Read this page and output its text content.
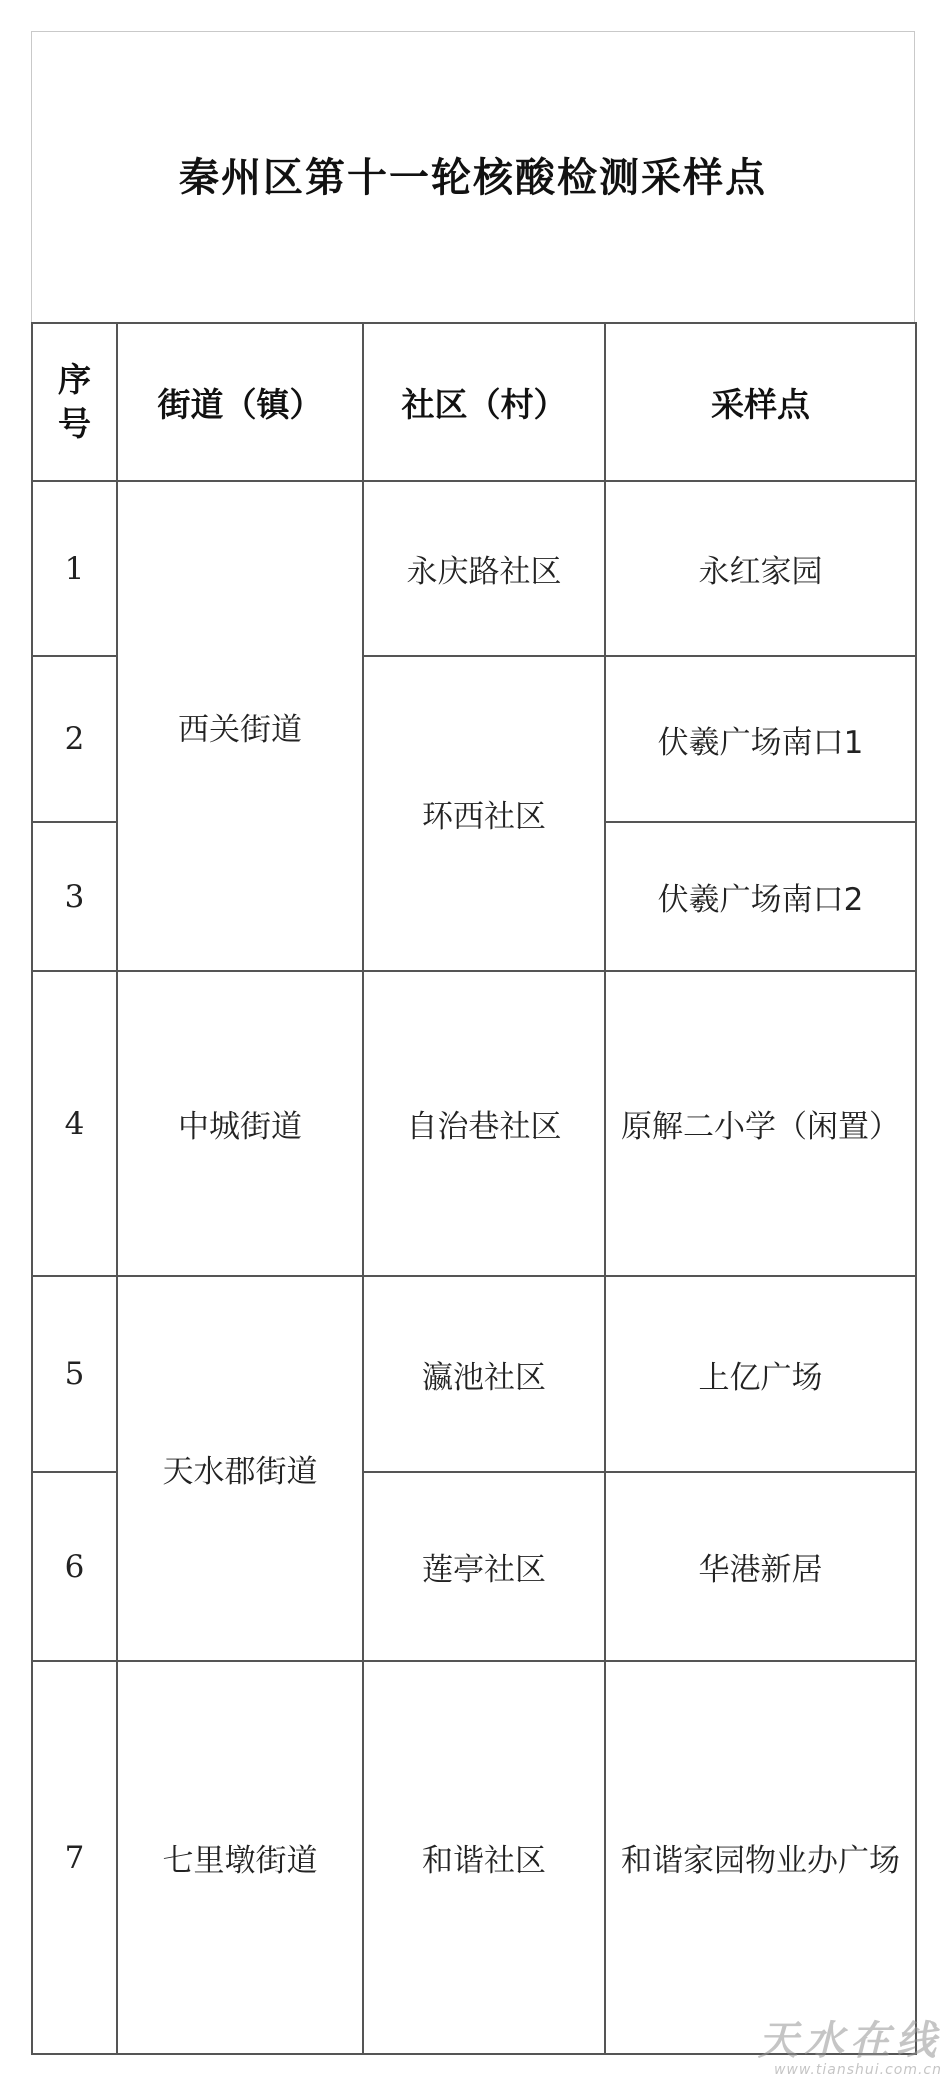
秦州区第十一轮核酸检测采样点
序号	街道（镇）	社区（村）	采样点
1	西关街道	永庆路社区	永红家园
2		环西社区	伏羲广场南口1
3			伏羲广场南口2
4	中城街道	自治巷社区	原解二小学（闲置）
5	天水郡街道	瀛池社区	上亿广场
6		莲亭社区	华港新居
7	七里墩街道	和谐社区	和谐家园物业办广场
天水在线
www.tianshui.com.cn
